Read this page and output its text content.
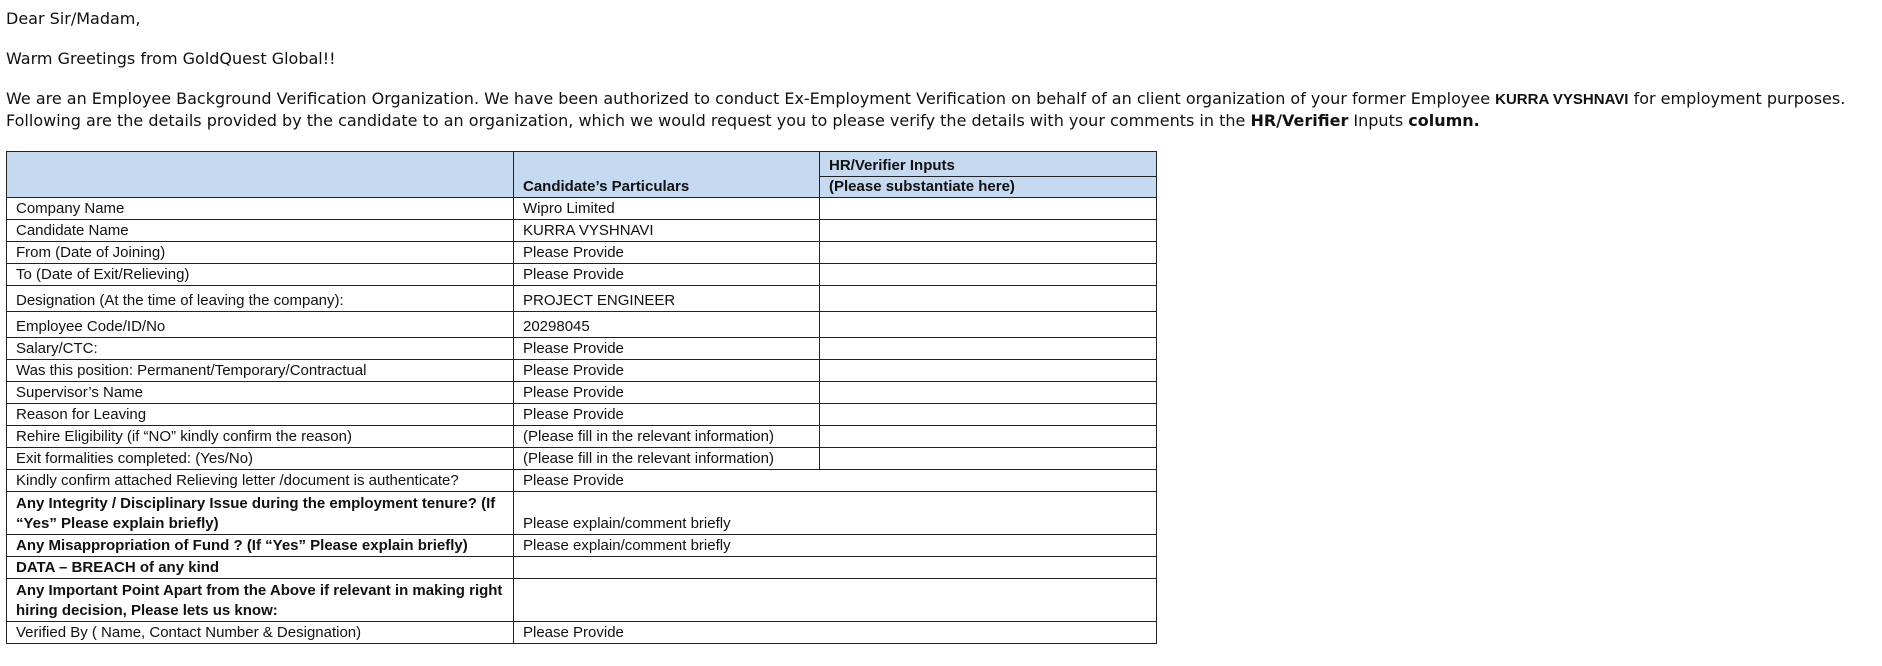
Dear Sir/Madam,

Warm Greetings from GoldQuest Global!!

We are an Employee Background Verification Organization. We have been authorized to conduct Ex-Employment Verification on behalf of an client organization of your former Employee KURRA VYSHNAVI for employment purposes. Following are the details provided by the candidate to an organization, which we would request you to please verify the details with your comments in the HR/Verifier Inputs column.

	Candidate’s Particulars	HR/Verifier Inputs
(Please substantiate here)

Company Name	Wipro Limited	
Candidate Name	KURRA VYSHNAVI	
From (Date of Joining)	Please Provide	
To (Date of Exit/Relieving)	Please Provide	
Designation (At the time of leaving the company):	PROJECT ENGINEER	
Employee Code/ID/No	20298045	
Salary/CTC:	Please Provide	
Was this position: Permanent/Temporary/Contractual	Please Provide	
Supervisor’s Name	Please Provide	
Reason for Leaving	Please Provide	
Rehire Eligibility (if “NO” kindly confirm the reason)	(Please fill in the relevant information)	
Exit formalities completed: (Yes/No)	(Please fill in the relevant information)	
Kindly confirm attached Relieving letter /document is authenticate?	Please Provide	
Any Integrity / Disciplinary Issue during the employment tenure? (If “Yes” Please explain briefly)	Please explain/comment briefly	
Any Misappropriation of Fund ? (If “Yes” Please explain briefly)	Please explain/comment briefly	
DATA – BREACH of any kind		
Any Important Point Apart from the Above if relevant in making right hiring decision, Please lets us know:		
Verified By ( Name, Contact Number & Designation)	Please Provide	
